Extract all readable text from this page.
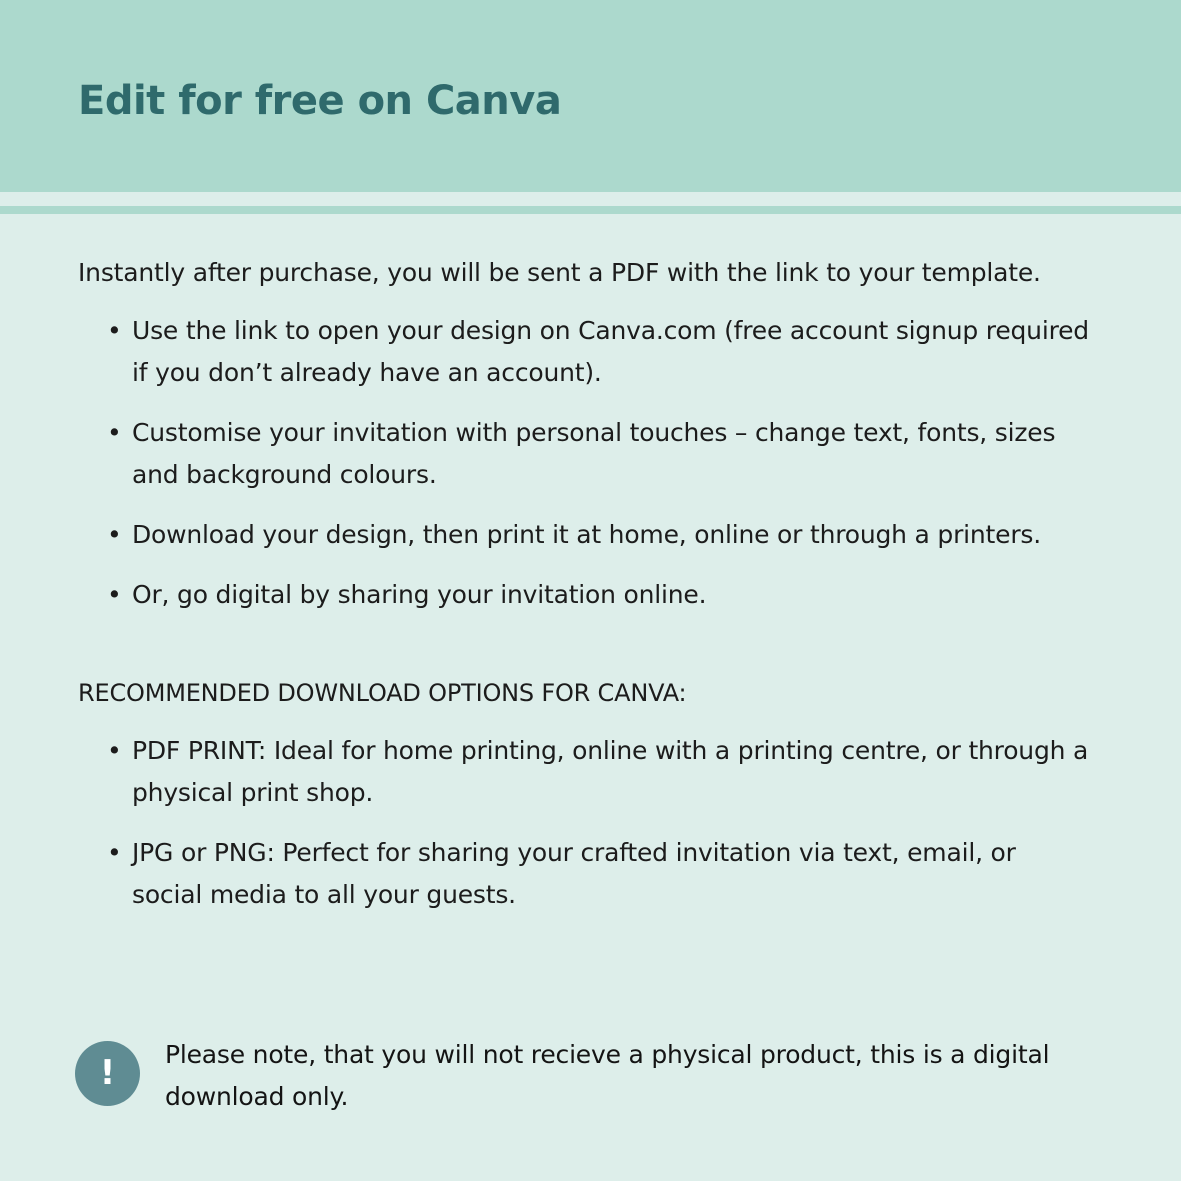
Edit for free on Canva

Instantly after purchase, you will be sent a PDF with the link to your template.

• Use the link to open your design on Canva.com (free account signup required if you don’t already have an account).
• Customise your invitation with personal touches – change text, fonts, sizes and background colours.
• Download your design, then print it at home, online or through a printers.
• Or, go digital by sharing your invitation online.

RECOMMENDED DOWNLOAD OPTIONS FOR CANVA:

• PDF PRINT: Ideal for home printing, online with a printing centre, or through a physical print shop.
• JPG or PNG: Perfect for sharing your crafted invitation via text, email, or social media to all your guests.
!	Please note, that you will not recieve a physical product, this is a digital download only.
